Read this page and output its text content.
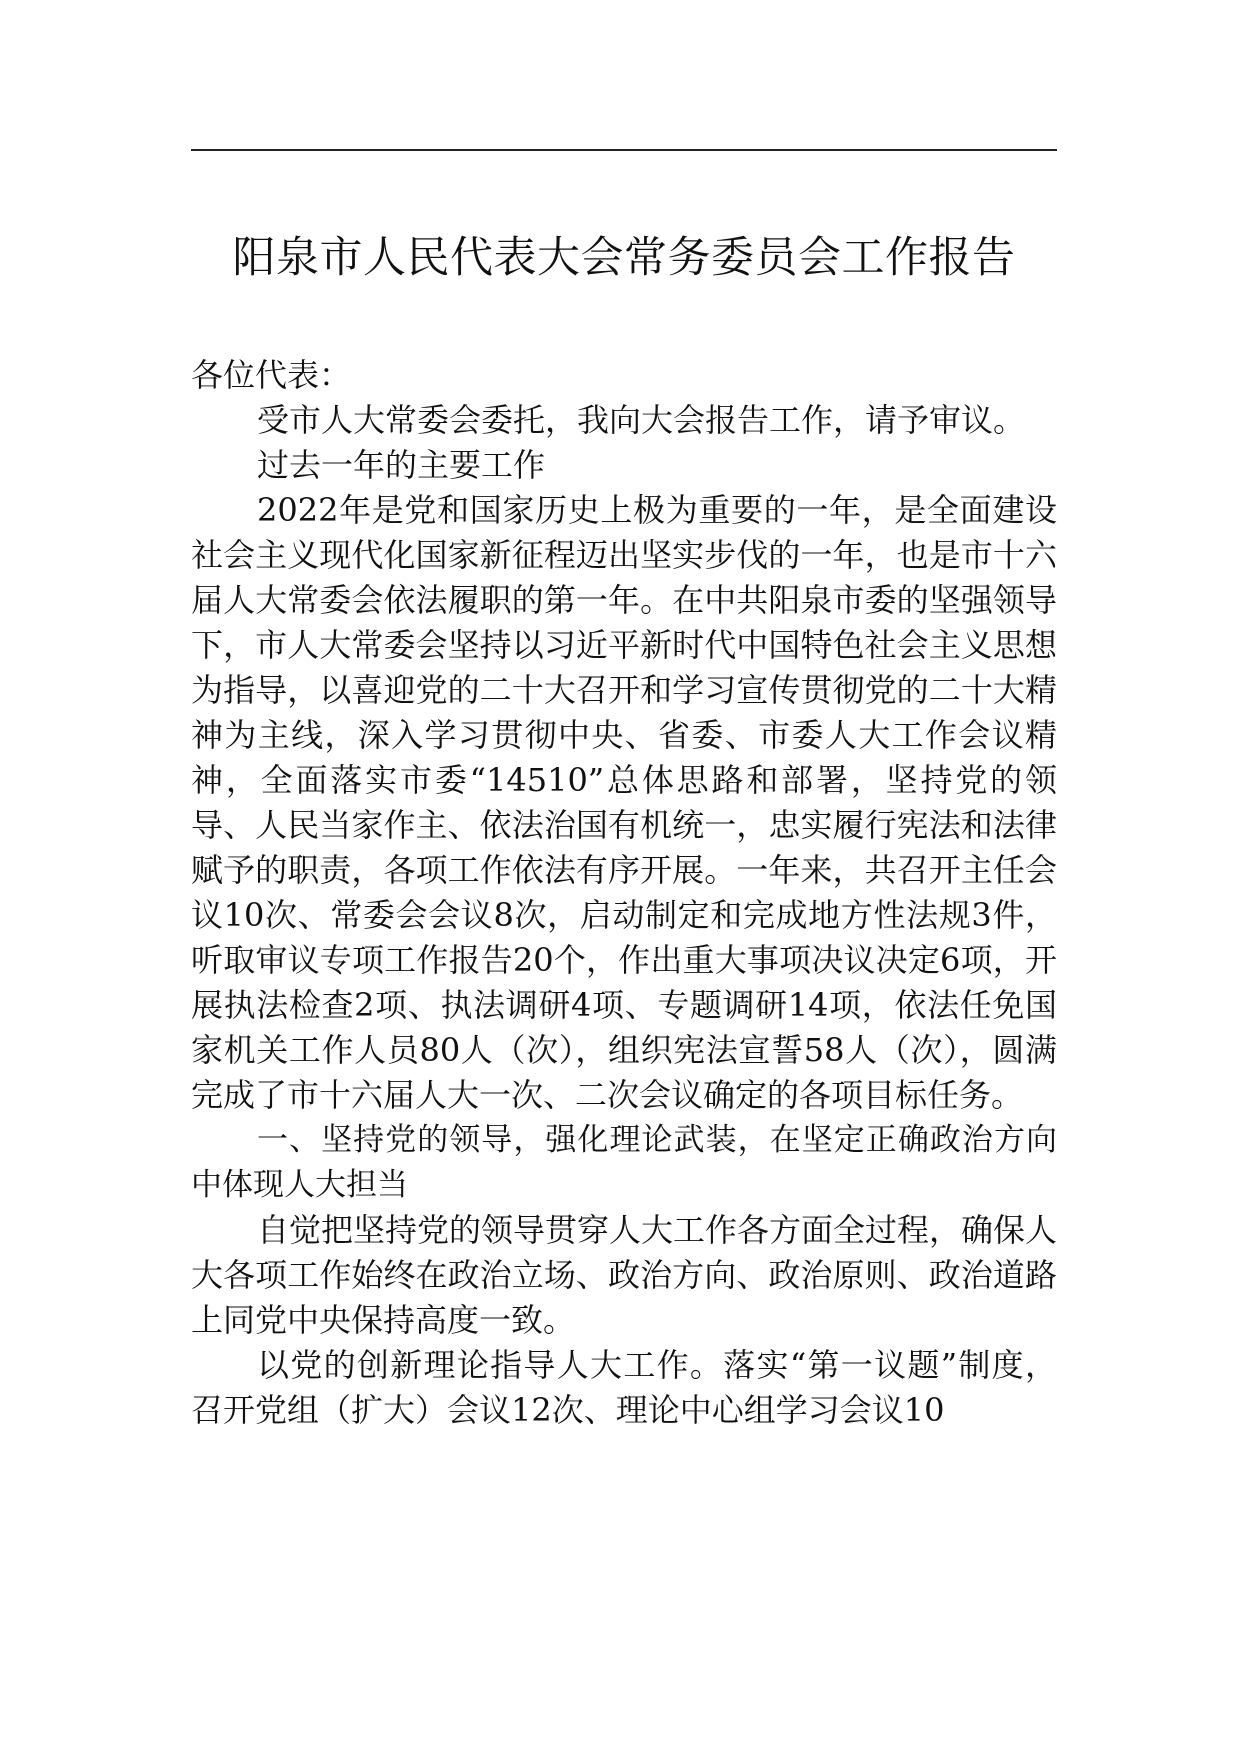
阳泉市人民代表大会常务委员会工作报告

各位代表：

受市人大常委会委托，我向大会报告工作，请予审议。

过去一年的主要工作

2022年是党和国家历史上极为重要的一年，是全面建设社会主义现代化国家新征程迈出坚实步伐的一年，也是市十六届人大常委会依法履职的第一年。在中共阳泉市委的坚强领导下，市人大常委会坚持以习近平新时代中国特色社会主义思想为指导，以喜迎党的二十大召开和学习宣传贯彻党的二十大精神为主线，深入学习贯彻中央、省委、市委人大工作会议精神，全面落实市委“14510”总体思路和部署，坚持党的领导、人民当家作主、依法治国有机统一，忠实履行宪法和法律赋予的职责，各项工作依法有序开展。一年来，共召开主任会议10次、常委会会议8次，启动制定和完成地方性法规3件，听取审议专项工作报告20个，作出重大事项决议决定6项，开展执法检查2项、执法调研4项、专题调研14项，依法任免国家机关工作人员80人（次），组织宪法宣誓58人（次），圆满完成了市十六届人大一次、二次会议确定的各项目标任务。

一、坚持党的领导，强化理论武装，在坚定正确政治方向中体现人大担当

自觉把坚持党的领导贯穿人大工作各方面全过程，确保人大各项工作始终在政治立场、政治方向、政治原则、政治道路上同党中央保持高度一致。

以党的创新理论指导人大工作。落实“第一议题”制度，召开党组（扩大）会议12次、理论中心组学习会议10
